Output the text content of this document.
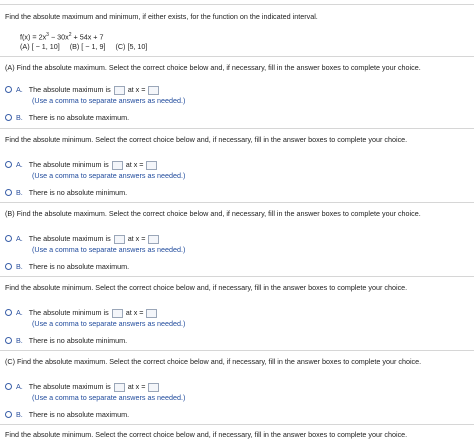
Find the absolute maximum and minimum, if either exists, for the function on the indicated interval.
$f(x) = 2x^3 - 30x^2 + 54x + 7$
(A) [ − 1, 10]     (B) [ − 1, 9]     (C) [5, 10]
(A) Find the absolute maximum. Select the correct choice below and, if necessary, fill in the answer boxes to complete your choice.
A. The absolute maximum is at x =
(Use a comma to separate answers as needed.)
B. There is no absolute maximum.
Find the absolute minimum. Select the correct choice below and, if necessary, fill in the answer boxes to complete your choice.
A. The absolute minimum is at x =
(Use a comma to separate answers as needed.)
B. There is no absolute minimum.
(B) Find the absolute maximum. Select the correct choice below and, if necessary, fill in the answer boxes to complete your choice.
A. The absolute maximum is at x =
(Use a comma to separate answers as needed.)
B. There is no absolute maximum.
Find the absolute minimum. Select the correct choice below and, if necessary, fill in the answer boxes to complete your choice.
A. The absolute minimum is at x =
(Use a comma to separate answers as needed.)
B. There is no absolute minimum.
(C) Find the absolute maximum. Select the correct choice below and, if necessary, fill in the answer boxes to complete your choice.
A. The absolute maximum is at x =
(Use a comma to separate answers as needed.)
B. There is no absolute maximum.
Find the absolute minimum. Select the correct choice below and, if necessary, fill in the answer boxes to complete your choice.
